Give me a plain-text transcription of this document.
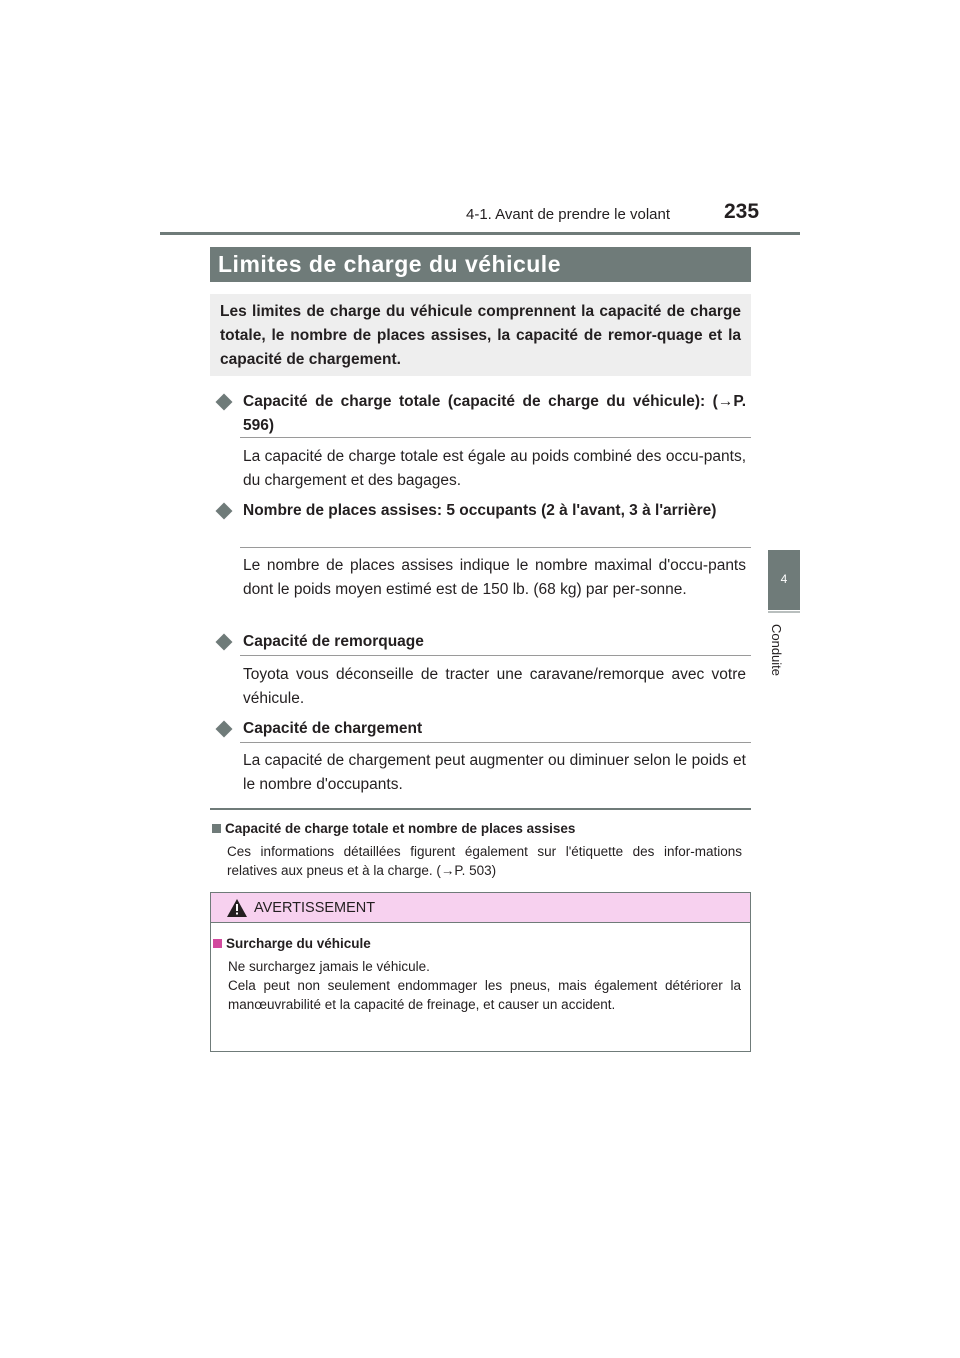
4-1. Avant de prendre le volant	235
4
Conduite
Limites de charge du véhicule
Les limites de charge du véhicule comprennent la capacité de charge totale, le nombre de places assises, la capacité de remor-quage et la capacité de chargement.
Capacité de charge totale (capacité de charge du véhicule): (→P. 596)
La capacité de charge totale est égale au poids combiné des occu-pants, du chargement et des bagages.
Nombre de places assises: 5 occupants (2 à l'avant, 3 à l'arrière)
Le nombre de places assises indique le nombre maximal d'occu-pants dont le poids moyen estimé est de 150 lb. (68 kg) par per-sonne.
Capacité de remorquage
Toyota vous déconseille de tracter une caravane/remorque avec votre véhicule.
Capacité de chargement
La capacité de chargement peut augmenter ou diminuer selon le poids et le nombre d'occupants.
Capacité de charge totale et nombre de places assises
Ces informations détaillées figurent également sur l'étiquette des infor-mations relatives aux pneus et à la charge. (→P. 503)
AVERTISSEMENT
Surcharge du véhicule
Ne surchargez jamais le véhicule.
Cela peut non seulement endommager les pneus, mais également détériorer la manœuvrabilité et la capacité de freinage, et causer un accident.
